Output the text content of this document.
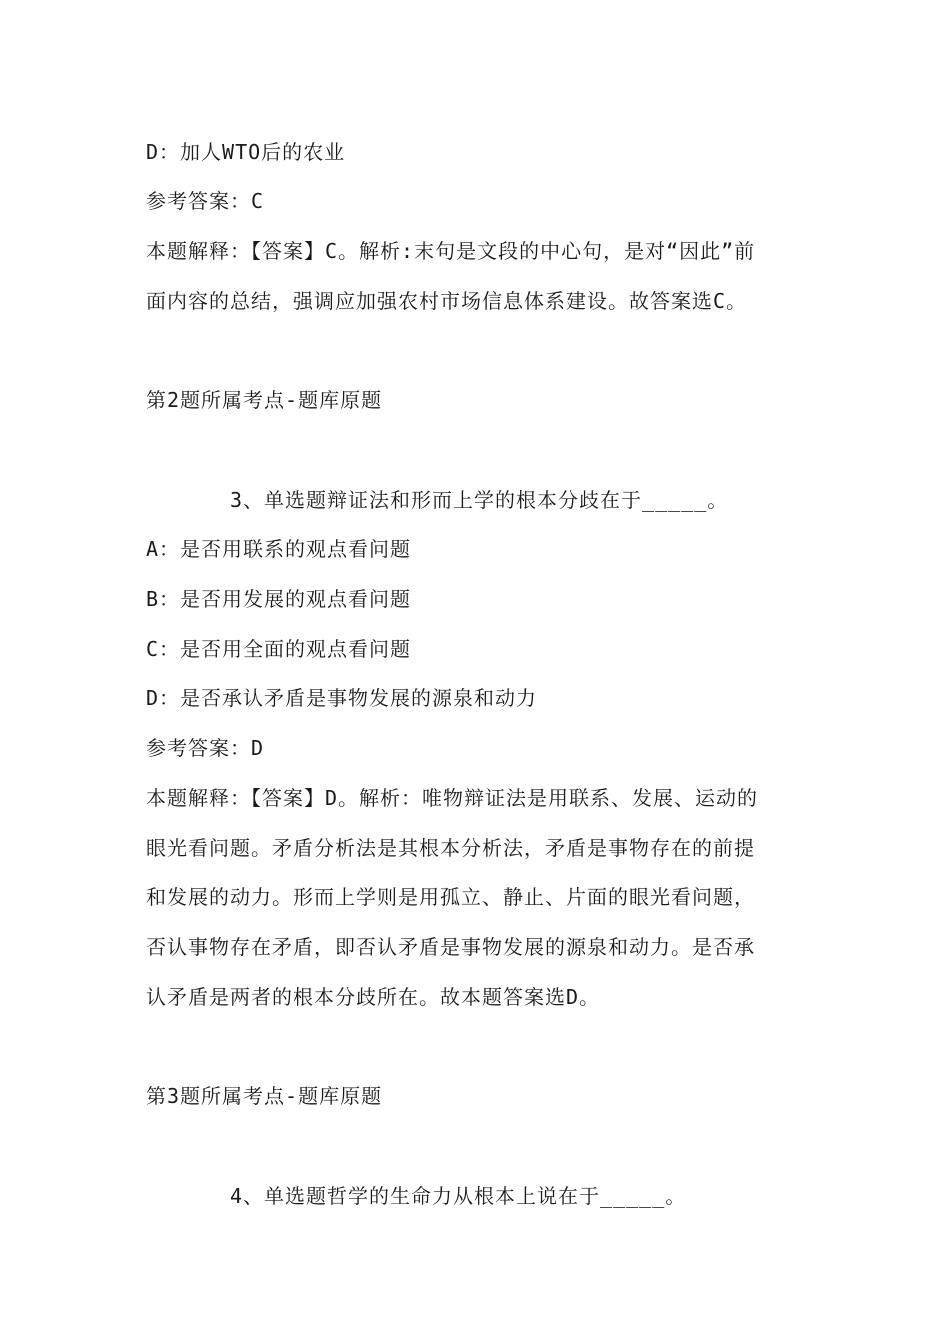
D：加人WTO后的农业
参考答案：C
本题解释：【答案】C。解析:末句是文段的中心句，是对“因此”前
面内容的总结，强调应加强农村市场信息体系建设。故答案选C。
第2题所属考点-题库原题
3、单选题辩证法和形而上学的根本分歧在于_____。
A：是否用联系的观点看问题
B：是否用发展的观点看问题
C：是否用全面的观点看问题
D：是否承认矛盾是事物发展的源泉和动力
参考答案：D
本题解释：【答案】D。解析：唯物辩证法是用联系、发展、运动的
眼光看问题。矛盾分析法是其根本分析法，矛盾是事物存在的前提
和发展的动力。形而上学则是用孤立、静止、片面的眼光看问题，
否认事物存在矛盾，即否认矛盾是事物发展的源泉和动力。是否承
认矛盾是两者的根本分歧所在。故本题答案选D。
第3题所属考点-题库原题
4、单选题哲学的生命力从根本上说在于_____。
